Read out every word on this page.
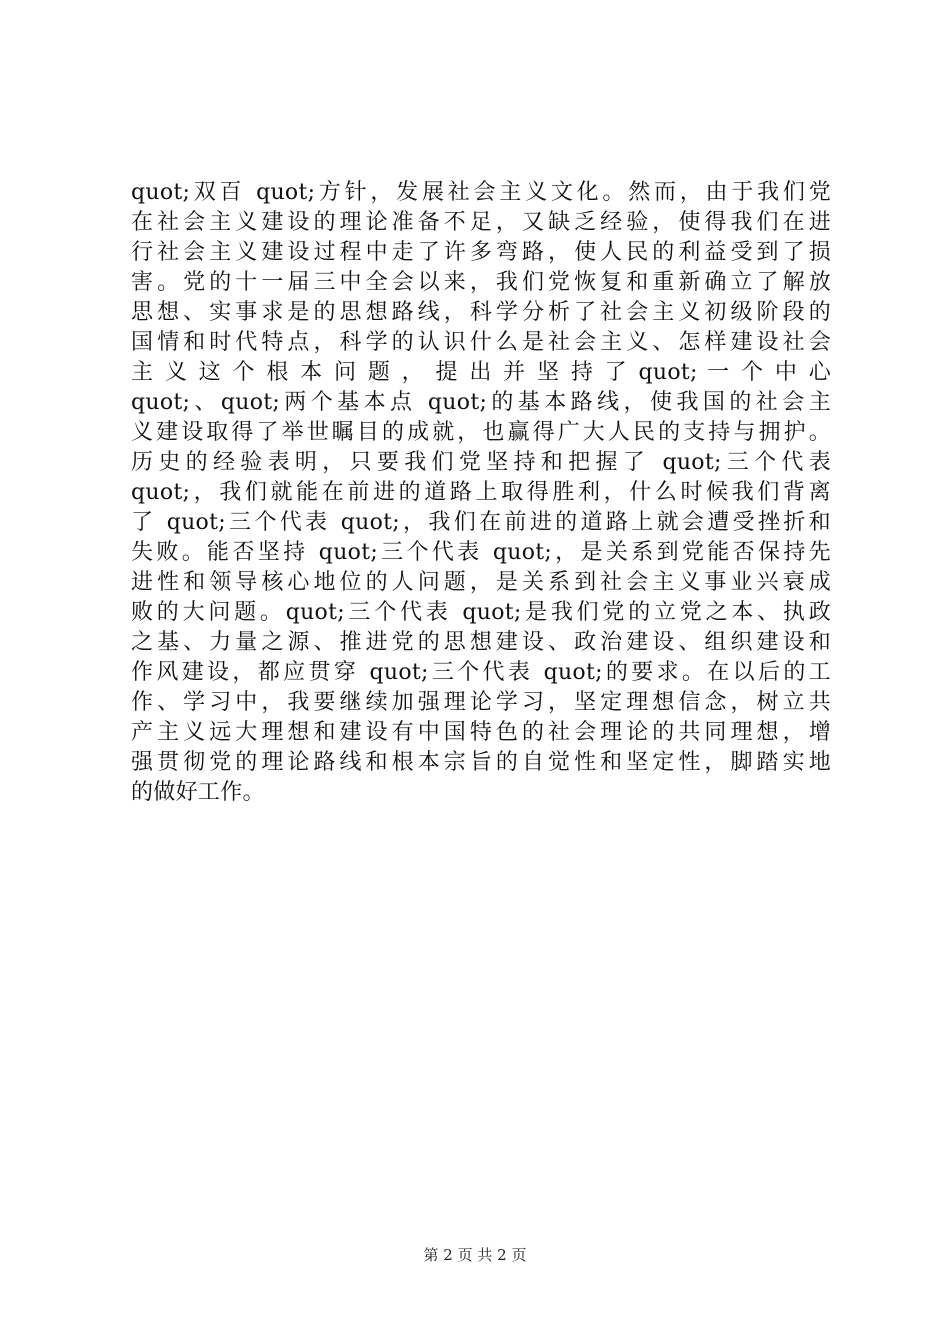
quot;双百 quot;方针，发展社会主义文化。然而，由于我们党
在社会主义建设的理论准备不足，又缺乏经验，使得我们在进
行社会主义建设过程中走了许多弯路，使人民的利益受到了损
害。党的十一届三中全会以来，我们党恢复和重新确立了解放
思想、实事求是的思想路线，科学分析了社会主义初级阶段的
国情和时代特点，科学的认识什么是社会主义、怎样建设社会
主 义 这 个 根 本 问 题 ， 提 出 并 坚 持 了 quot; 一 个 中 心
quot;、quot;两个基本点 quot;的基本路线，使我国的社会主
义建设取得了举世瞩目的成就，也赢得广大人民的支持与拥护。
历史的经验表明，只要我们党坚持和把握了 quot;三个代表
quot;，我们就能在前进的道路上取得胜利，什么时候我们背离
了 quot;三个代表 quot;，我们在前进的道路上就会遭受挫折和
失败。能否坚持 quot;三个代表 quot;，是关系到党能否保持先
进性和领导核心地位的人问题，是关系到社会主义事业兴衰成
败的大问题。quot;三个代表 quot;是我们党的立党之本、执政
之基、力量之源、推进党的思想建设、政治建设、组织建设和
作风建设，都应贯穿 quot;三个代表 quot;的要求。在以后的工
作、学习中，我要继续加强理论学习，坚定理想信念，树立共
产主义远大理想和建设有中国特色的社会理论的共同理想，增
强贯彻党的理论路线和根本宗旨的自觉性和坚定性，脚踏实地
的做好工作。
第 2 页 共 2 页
